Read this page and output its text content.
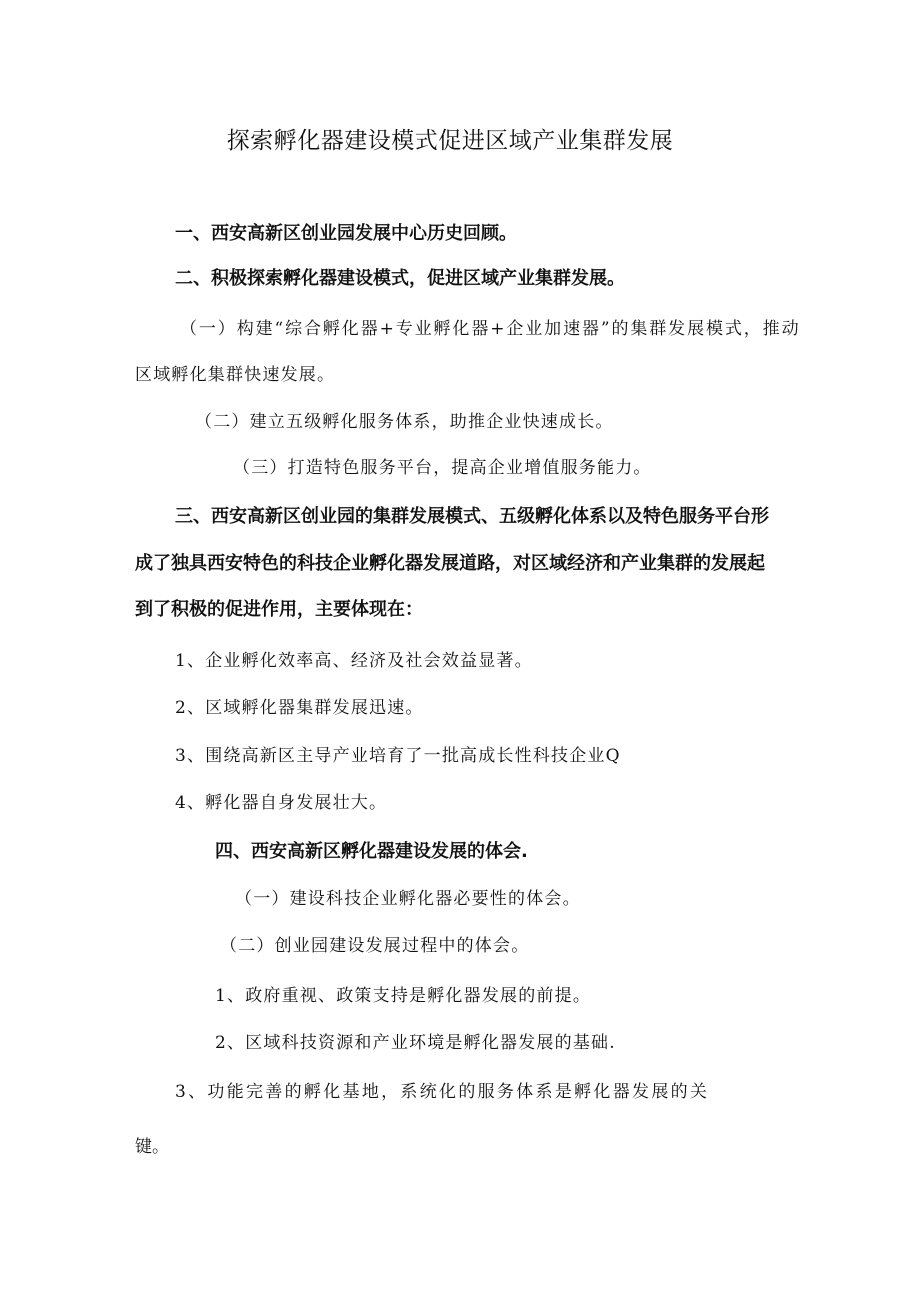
探索孵化器建设模式促进区域产业集群发展

一、西安高新区创业园发展中心历史回顾。

二、积极探索孵化器建设模式，促进区域产业集群发展。

（一）构建“综合孵化器+专业孵化器+企业加速器”的集群发展模式，推动

区域孵化集群快速发展。

（二）建立五级孵化服务体系，助推企业快速成长。

（三）打造特色服务平台，提高企业增值服务能力。

三、西安高新区创业园的集群发展模式、五级孵化体系以及特色服务平台形

成了独具西安特色的科技企业孵化器发展道路，对区域经济和产业集群的发展起

到了积极的促进作用，主要体现在：

1、企业孵化效率高、经济及社会效益显著。

2、区域孵化器集群发展迅速。

3、围绕高新区主导产业培育了一批高成长性科技企业Q

4、孵化器自身发展壮大。

四、西安高新区孵化器建设发展的体会.

（一）建设科技企业孵化器必要性的体会。

（二）创业园建设发展过程中的体会。

1、政府重视、政策支持是孵化器发展的前提。

2、区域科技资源和产业环境是孵化器发展的基础.

3、功能完善的孵化基地，系统化的服务体系是孵化器发展的关

键。
